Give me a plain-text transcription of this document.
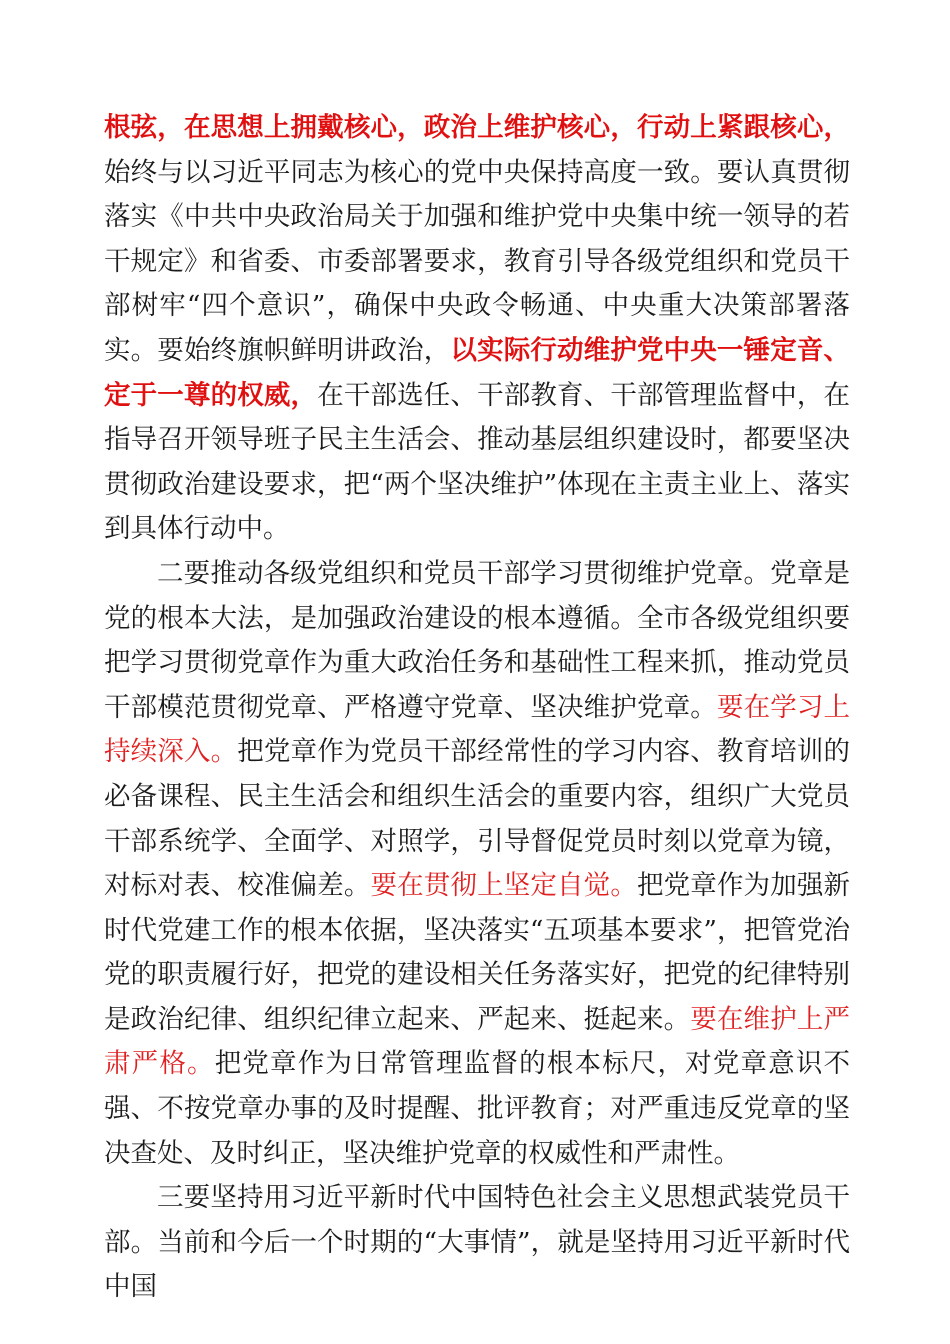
根弦，在思想上拥戴核心，政治上维护核心，行动上紧跟核心，始终与以习近平同志为核心的党中央保持高度一致。要认真贯彻落实《中共中央政治局关于加强和维护党中央集中统一领导的若干规定》和省委、市委部署要求，教育引导各级党组织和党员干部树牢“四个意识”，确保中央政令畅通、中央重大决策部署落实。要始终旗帜鲜明讲政治，以实际行动维护党中央一锤定音、定于一尊的权威，在干部选任、干部教育、干部管理监督中，在指导召开领导班子民主生活会、推动基层组织建设时，都要坚决贯彻政治建设要求，把“两个坚决维护”体现在主责主业上、落实到具体行动中。

二要推动各级党组织和党员干部学习贯彻维护党章。党章是党的根本大法，是加强政治建设的根本遵循。全市各级党组织要把学习贯彻党章作为重大政治任务和基础性工程来抓，推动党员干部模范贯彻党章、严格遵守党章、坚决维护党章。要在学习上持续深入。把党章作为党员干部经常性的学习内容、教育培训的必备课程、民主生活会和组织生活会的重要内容，组织广大党员干部系统学、全面学、对照学，引导督促党员时刻以党章为镜，对标对表、校准偏差。要在贯彻上坚定自觉。把党章作为加强新时代党建工作的根本依据，坚决落实“五项基本要求”，把管党治党的职责履行好，把党的建设相关任务落实好，把党的纪律特别是政治纪律、组织纪律立起来、严起来、挺起来。要在维护上严肃严格。把党章作为日常管理监督的根本标尺，对党章意识不强、不按党章办事的及时提醒、批评教育；对严重违反党章的坚决查处、及时纠正，坚决维护党章的权威性和严肃性。

三要坚持用习近平新时代中国特色社会主义思想武装党员干部。当前和今后一个时期的“大事情”，就是坚持用习近平新时代中国
